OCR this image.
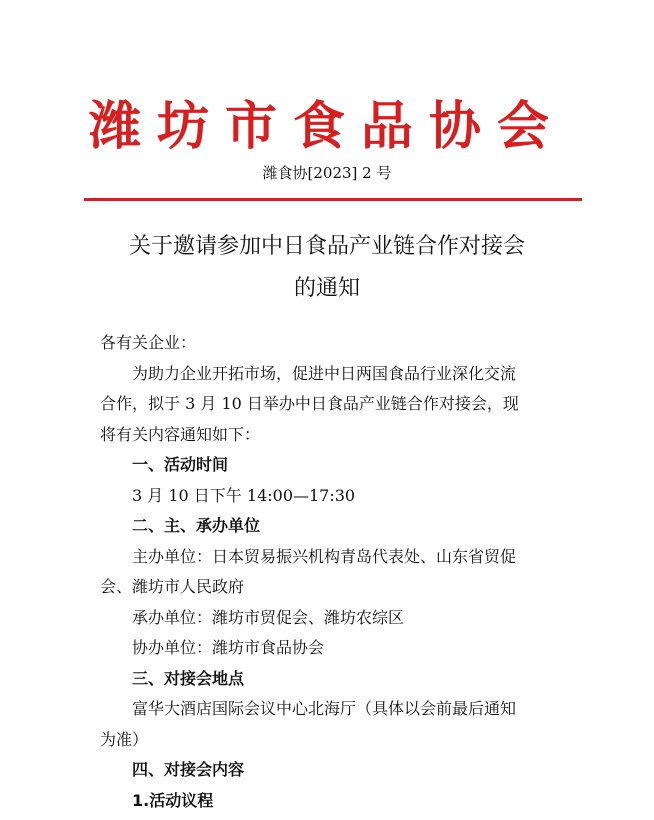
潍坊市食品协会
潍食协[2023] 2 号
关于邀请参加中日食品产业链合作对接会
的通知

各有关企业：

为助力企业开拓市场，促进中日两国食品行业深化交流

合作，拟于 3 月 10 日举办中日食品产业链合作对接会，现

将有关内容通知如下：

一、活动时间

3 月 10 日下午 14:00—17:30

二、主、承办单位

主办单位：日本贸易振兴机构青岛代表处、山东省贸促

会、潍坊市人民政府

承办单位：潍坊市贸促会、潍坊农综区

协办单位：潍坊市食品协会

三、对接会地点

富华大酒店国际会议中心北海厅（具体以会前最后通知

为准）

四、对接会内容

1.活动议程
